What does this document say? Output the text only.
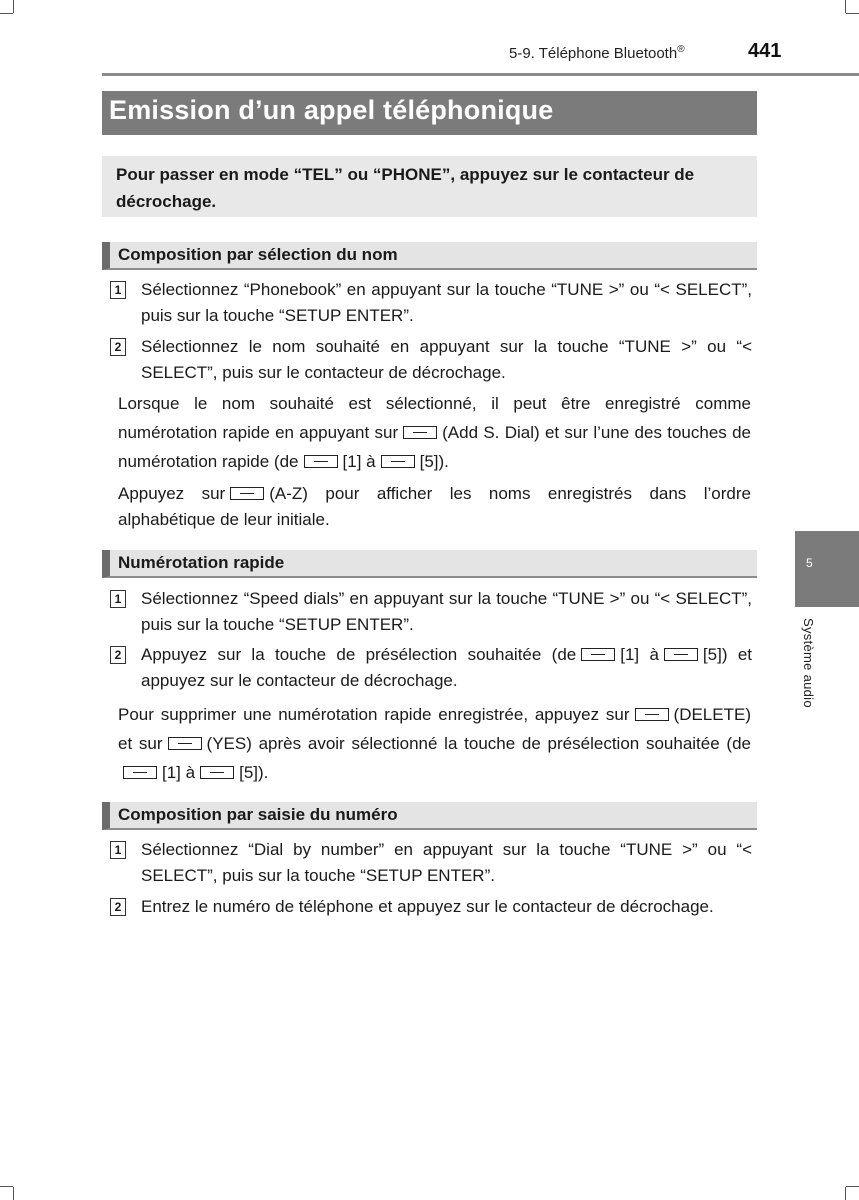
5-9. Téléphone Bluetooth®	441
Emission d’un appel téléphonique
Pour passer en mode “TEL” ou “PHONE”, appuyez sur le contacteur de décrochage.
Composition par sélection du nom
1 Sélectionnez “Phonebook” en appuyant sur la touche “TUNE >” ou “< SELECT”, puis sur la touche “SETUP ENTER”.
2 Sélectionnez le nom souhaité en appuyant sur la touche “TUNE >” ou “< SELECT”, puis sur le contacteur de décrochage.
Lorsque le nom souhaité est sélectionné, il peut être enregistré comme numérotation rapide en appuyant sur	(Add S. Dial) et sur l’une des touches de numérotation rapide (de	[1] à	[5]).
Appuyez sur	(A-Z) pour afficher les noms enregistrés dans l’ordre alphabétique de leur initiale.
Numérotation rapide
1 Sélectionnez “Speed dials” en appuyant sur la touche “TUNE >” ou “< SELECT”, puis sur la touche “SETUP ENTER”.
2 Appuyez sur la touche de présélection souhaitée (de	[1] à	[5]) et appuyez sur le contacteur de décrochage.
Pour supprimer une numérotation rapide enregistrée, appuyez sur	(DELETE) et sur	(YES) après avoir sélectionné la touche de présélection souhaitée (de[1] à	[5]).
Composition par saisie du numéro
1 Sélectionnez “Dial by number” en appuyant sur la touche “TUNE >” ou “< SELECT”, puis sur la touche “SETUP ENTER”.
2 Entrez le numéro de téléphone et appuyez sur le contacteur de décrochage.
5
Système audio
